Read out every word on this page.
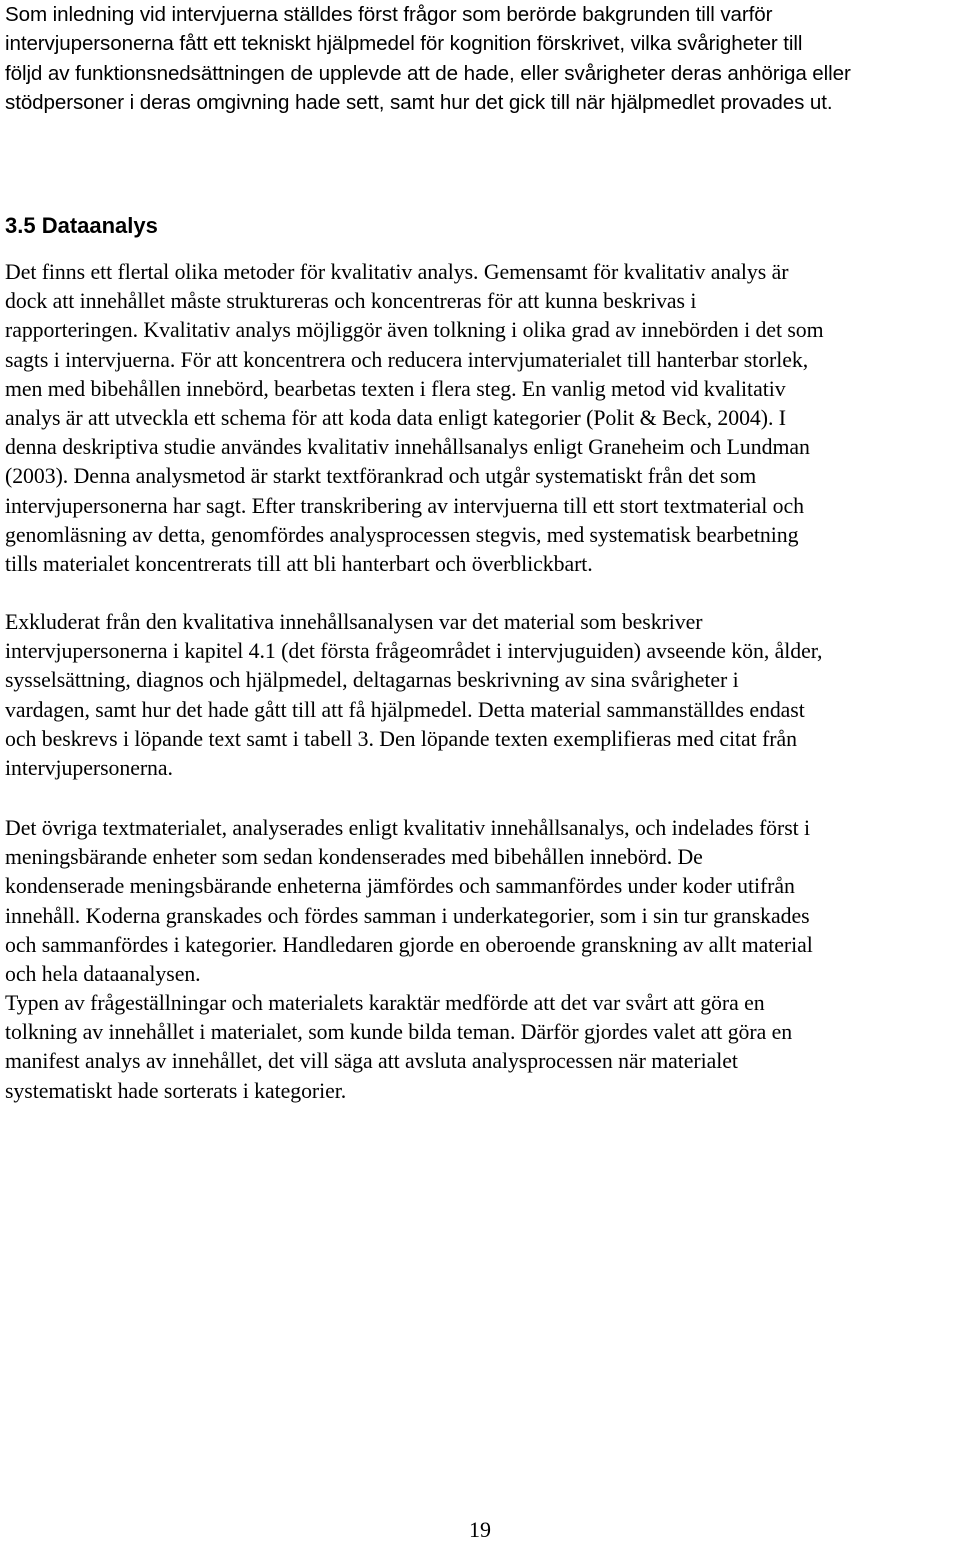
Som inledning vid intervjuerna ställdes först frågor som berörde bakgrunden till varför
intervjupersonerna fått ett tekniskt hjälpmedel för kognition förskrivet, vilka svårigheter till
följd av funktionsnedsättningen de upplevde att de hade, eller svårigheter deras anhöriga eller
stödpersoner i deras omgivning hade sett, samt hur det gick till när hjälpmedlet provades ut.
3.5 Dataanalys
Det finns ett flertal olika metoder för kvalitativ analys. Gemensamt för kvalitativ analys är
dock att innehållet måste struktureras och koncentreras för att kunna beskrivas i
rapporteringen. Kvalitativ analys möjliggör även tolkning i olika grad av innebörden i det som
sagts i intervjuerna. För att koncentrera och reducera intervjumaterialet till hanterbar storlek,
men med bibehållen innebörd, bearbetas texten i flera steg. En vanlig metod vid kvalitativ
analys är att utveckla ett schema för att koda data enligt kategorier (Polit & Beck, 2004). I
denna deskriptiva studie användes kvalitativ innehållsanalys enligt Graneheim och Lundman
(2003). Denna analysmetod är starkt textförankrad och utgår systematiskt från det som
intervjupersonerna har sagt. Efter transkribering av intervjuerna till ett stort textmaterial och
genomläsning av detta, genomfördes analysprocessen stegvis, med systematisk bearbetning
tills materialet koncentrerats till att bli hanterbart och överblickbart.
Exkluderat från den kvalitativa innehållsanalysen var det material som beskriver
intervjupersonerna i kapitel 4.1 (det första frågeområdet i intervjuguiden) avseende kön, ålder,
sysselsättning, diagnos och hjälpmedel, deltagarnas beskrivning av sina svårigheter i
vardagen, samt hur det hade gått till att få hjälpmedel. Detta material sammanställdes endast
och beskrevs i löpande text samt i tabell 3. Den löpande texten exemplifieras med citat från
intervjupersonerna.
Det övriga textmaterialet, analyserades enligt kvalitativ innehållsanalys, och indelades först i
meningsbärande enheter som sedan kondenserades med bibehållen innebörd. De
kondenserade meningsbärande enheterna jämfördes och sammanfördes under koder utifrån
innehåll. Koderna granskades och fördes samman i underkategorier, som i sin tur granskades
och sammanfördes i kategorier. Handledaren gjorde en oberoende granskning av allt material
och hela dataanalysen.
Typen av frågeställningar och materialets karaktär medförde att det var svårt att göra en
tolkning av innehållet i materialet, som kunde bilda teman. Därför gjordes valet att göra en
manifest analys av innehållet, det vill säga att avsluta analysprocessen när materialet
systematiskt hade sorterats i kategorier.
19
